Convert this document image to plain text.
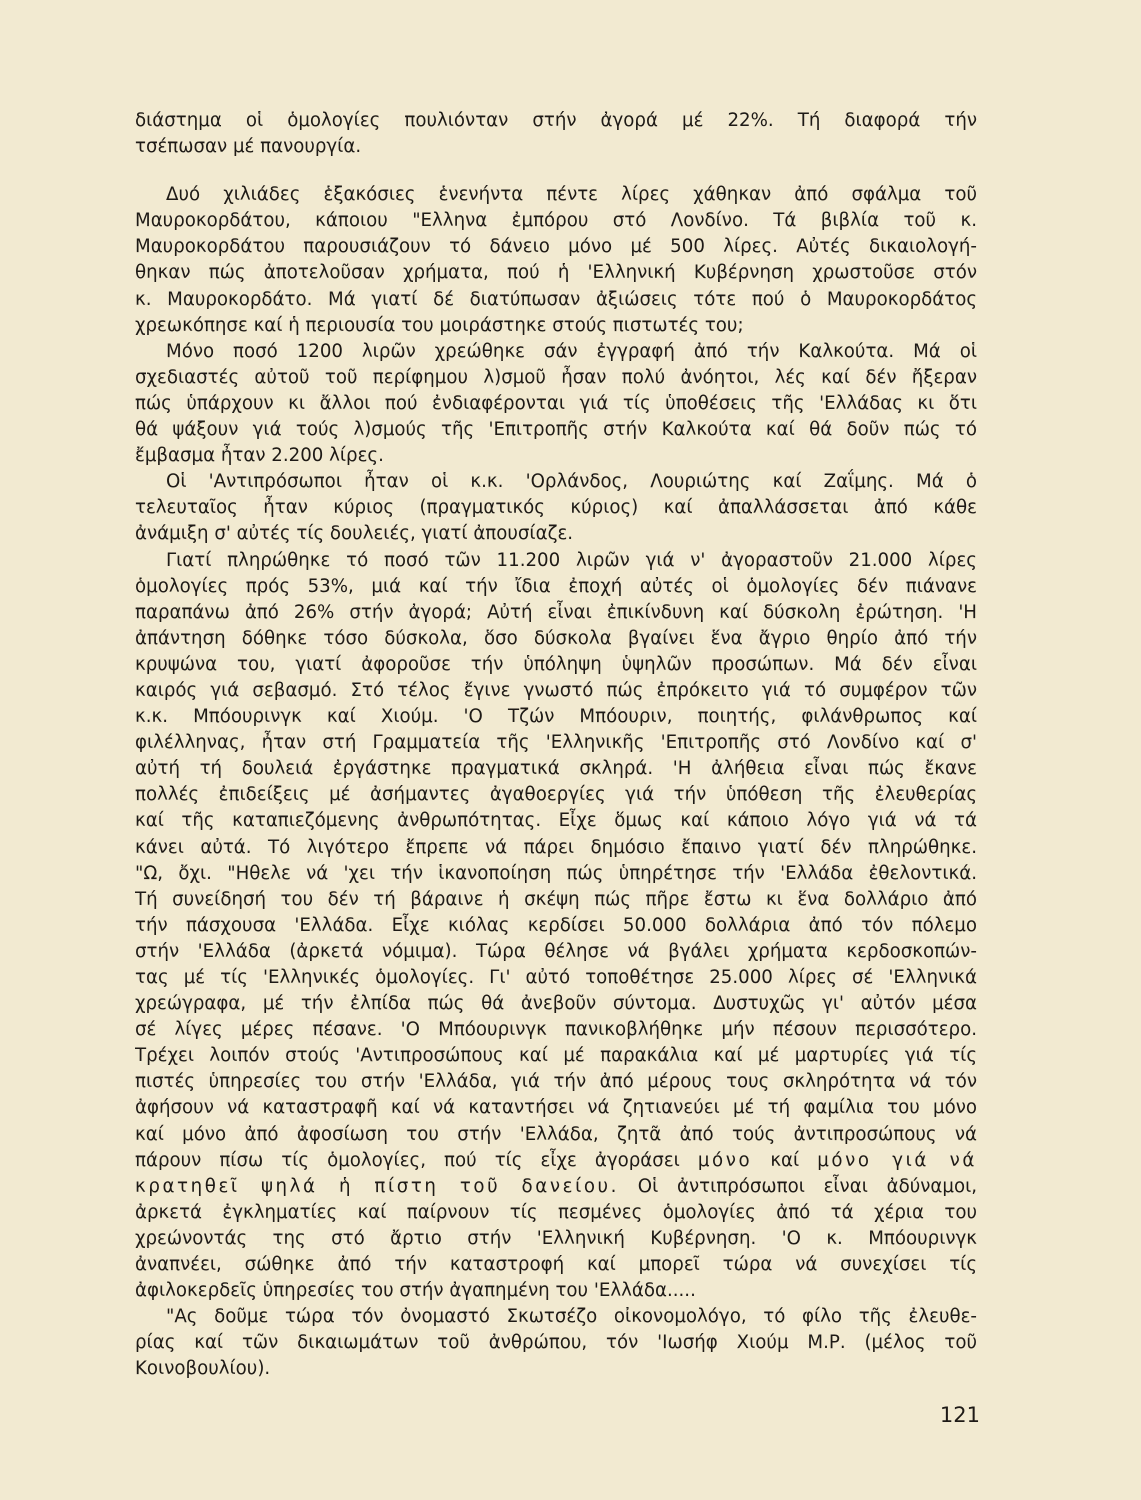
διάστημα οἱ ὁμολογίες πουλιόνταν στήν ἀγορά μέ 22%. Τή διαφορά τήν
τσέπωσαν μέ πανουργία.
Δυό χιλιάδες ἑξακόσιες ἑνενήντα πέντε λίρες χάθηκαν ἀπό σφάλμα τοῦ
Μαυροκορδάτου, κάποιου "Ελληνα ἐμπόρου στό Λονδίνο. Τά βιβλία τοῦ κ.
Μαυροκορδάτου παρουσιάζουν τό δάνειο μόνο μέ 500 λίρες. Αὐτές δικαιολογή-
θηκαν πώς ἀποτελοῦσαν χρήματα, πού ἡ 'Ελληνική Κυβέρνηση χρωστοῦσε στόν
κ. Μαυροκορδάτο. Μά γιατί δέ διατύπωσαν ἀξιώσεις τότε πού ὁ Μαυροκορδάτος
χρεωκόπησε καί ἡ περιουσία του μοιράστηκε στούς πιστωτές του;
Μόνο ποσό 1200 λιρῶν χρεώθηκε σάν ἐγγραφή ἀπό τήν Καλκούτα. Μά οἱ
σχεδιαστές αὐτοῦ τοῦ περίφημου λ)σμοῦ ἦσαν πολύ ἀνόητοι, λές καί δέν ἤξεραν
πώς ὑπάρχουν κι ἄλλοι πού ἐνδιαφέρονται γιά τίς ὑποθέσεις τῆς 'Ελλάδας κι ὅτι
θά ψάξουν γιά τούς λ)σμούς τῆς 'Επιτροπῆς στήν Καλκούτα καί θά δοῦν πώς τό
ἔμβασμα ἦταν 2.200 λίρες.
Οἱ 'Αντιπρόσωποι ἦταν οἱ κ.κ. 'Ορλάνδος, Λουριώτης καί Ζαΐμης. Μά ὁ
τελευταῖος ἦταν κύριος (πραγματικός κύριος) καί ἀπαλλάσσεται ἀπό κάθε
ἀνάμιξη σ' αὐτές τίς δουλειές, γιατί ἀπουσίαζε.
Γιατί πληρώθηκε τό ποσό τῶν 11.200 λιρῶν γιά ν' ἀγοραστοῦν 21.000 λίρες
ὁμολογίες πρός 53%, μιά καί τήν ἴδια ἐποχή αὐτές οἱ ὁμολογίες δέν πιάνανε
παραπάνω ἀπό 26% στήν ἀγορά; Αὐτή εἶναι ἐπικίνδυνη καί δύσκολη ἐρώτηση. 'Η
ἀπάντηση δόθηκε τόσο δύσκολα, ὅσο δύσκολα βγαίνει ἕνα ἄγριο θηρίο ἀπό τήν
κρυψώνα του, γιατί ἀφοροῦσε τήν ὑπόληψη ὑψηλῶν προσώπων. Μά δέν εἶναι
καιρός γιά σεβασμό. Στό τέλος ἔγινε γνωστό πώς ἐπρόκειτο γιά τό συμφέρον τῶν
κ.κ. Μπόουρινγκ καί Χιούμ. 'Ο Τζών Μπόουριν, ποιητής, φιλάνθρωπος καί
φιλέλληνας, ἦταν στή Γραμματεία τῆς 'Ελληνικῆς 'Επιτροπῆς στό Λονδίνο καί σ'
αὐτή τή δουλειά ἐργάστηκε πραγματικά σκληρά. 'Η ἀλήθεια εἶναι πώς ἔκανε
πολλές ἐπιδείξεις μέ ἀσήμαντες ἀγαθοεργίες γιά τήν ὑπόθεση τῆς ἐλευθερίας
καί τῆς καταπιεζόμενης ἀνθρωπότητας. Εἶχε ὅμως καί κάποιο λόγο γιά νά τά
κάνει αὐτά. Τό λιγότερο ἔπρεπε νά πάρει δημόσιο ἔπαινο γιατί δέν πληρώθηκε.
"Ω, ὄχι. "Ηθελε νά 'χει τήν ἱκανοποίηση πώς ὑπηρέτησε τήν 'Ελλάδα ἐθελοντικά.
Τή συνείδησή του δέν τή βάραινε ἡ σκέψη πώς πῆρε ἔστω κι ἕνα δολλάριο ἀπό
τήν πάσχουσα 'Ελλάδα. Εἶχε κιόλας κερδίσει 50.000 δολλάρια ἀπό τόν πόλεμο
στήν 'Ελλάδα (ἀρκετά νόμιμα). Τώρα θέλησε νά βγάλει χρήματα κερδοσκοπών-
τας μέ τίς 'Ελληνικές ὁμολογίες. Γι' αὐτό τοποθέτησε 25.000 λίρες σέ 'Ελληνικά
χρεώγραφα, μέ τήν ἐλπίδα πώς θά ἀνεβοῦν σύντομα. Δυστυχῶς γι' αὐτόν μέσα
σέ λίγες μέρες πέσανε. 'Ο Μπόουρινγκ πανικοβλήθηκε μήν πέσουν περισσότερο.
Τρέχει λοιπόν στούς 'Αντιπροσώπους καί μέ παρακάλια καί μέ μαρτυρίες γιά τίς
πιστές ὑπηρεσίες του στήν 'Ελλάδα, γιά τήν ἀπό μέρους τους σκληρότητα νά τόν
ἀφήσουν νά καταστραφῆ καί νά καταντήσει νά ζητιανεύει μέ τή φαμίλια του μόνο
καί μόνο ἀπό ἀφοσίωση του στήν 'Ελλάδα, ζητᾶ ἀπό τούς ἀντιπροσώπους νά
πάρουν πίσω τίς ὁμολογίες, πού τίς εἶχε ἀγοράσει μόνο καί μόνο γιά νά
κρατηθεῖ ψηλά ἡ πίστη τοῦ δανείου. Οἱ ἀντιπρόσωποι εἶναι ἀδύναμοι,
ἀρκετά ἐγκληματίες καί παίρνουν τίς πεσμένες ὁμολογίες ἀπό τά χέρια του
χρεώνοντάς της στό ἄρτιο στήν 'Ελληνική Κυβέρνηση. 'Ο κ. Μπόουρινγκ
ἀναπνέει, σώθηκε ἀπό τήν καταστροφή καί μπορεῖ τώρα νά συνεχίσει τίς
ἀφιλοκερδεῖς ὑπηρεσίες του στήν ἀγαπημένη του 'Ελλάδα.....
"Ας δοῦμε τώρα τόν ὀνομαστό Σκωτσέζο οἰκονομολόγο, τό φίλο τῆς ἐλευθε-
ρίας καί τῶν δικαιωμάτων τοῦ ἀνθρώπου, τόν 'Ιωσήφ Χιούμ Μ.Ρ. (μέλος τοῦ
Κοινοβουλίου).
121
